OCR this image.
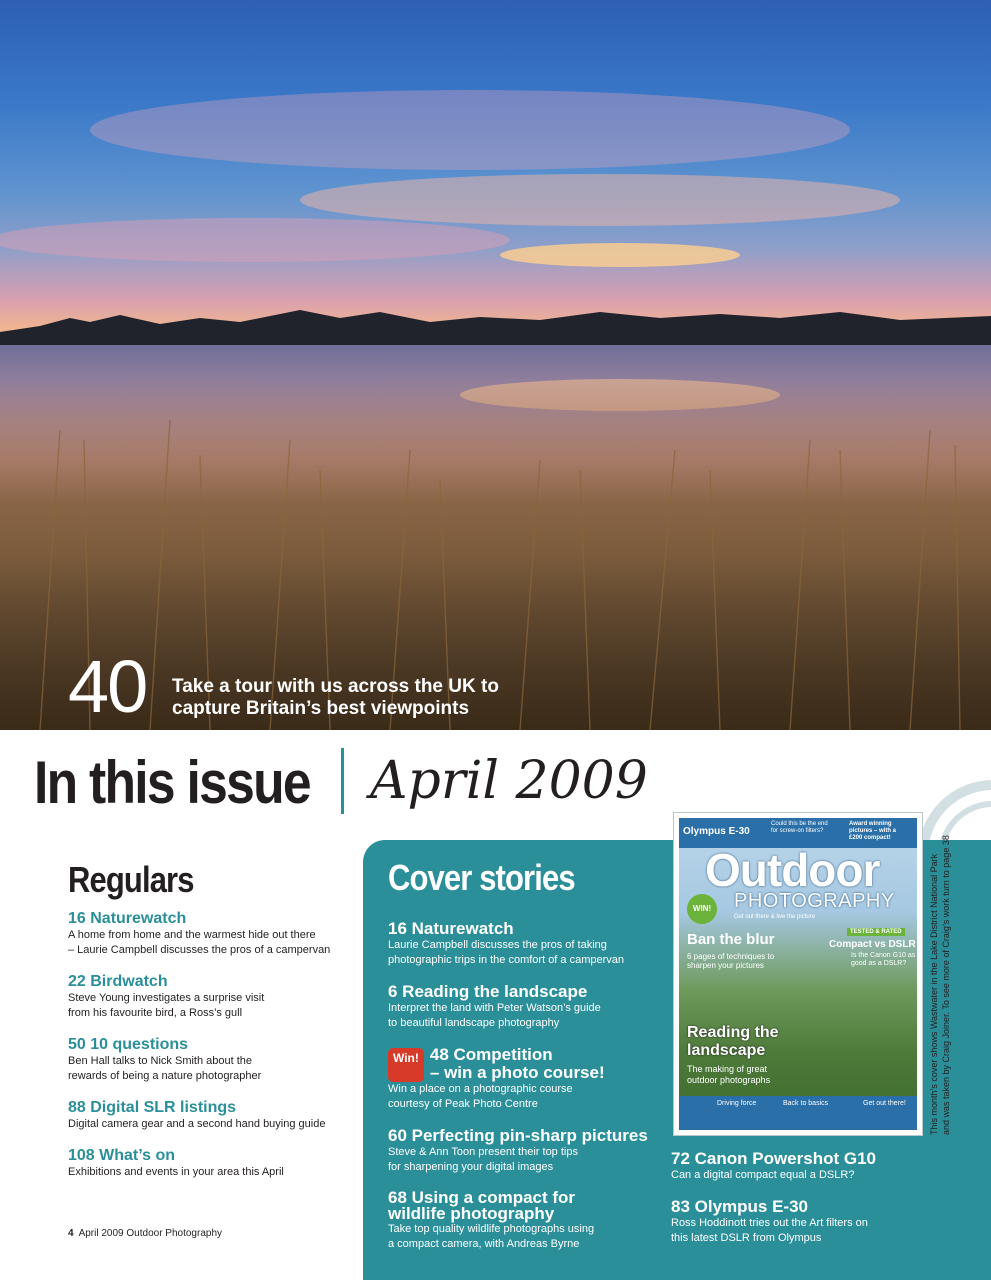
40 Take a tour with us across the UK to
capture Britain’s best viewpoints
In this issue April 2009
Regulars
16 Naturewatch
A home from home and the warmest hide out there
– Laurie Campbell discusses the pros of a campervan
22 Birdwatch
Steve Young investigates a surprise visit
from his favourite bird, a Ross’s gull
50 10 questions
Ben Hall talks to Nick Smith about the
rewards of being a nature photographer
88 Digital SLR listings
Digital camera gear and a second hand buying guide
108 What’s on
Exhibitions and events in your area this April
4 April 2009 Outdoor Photography
Cover stories
16 Naturewatch
Laurie Campbell discusses the pros of taking
photographic trips in the comfort of a campervan
6 Reading the landscape
Interpret the land with Peter Watson’s guide
to beautiful landscape photography
Win! 48 Competition
– win a photo course!
Win a place on a photographic course
courtesy of Peak Photo Centre
60 Perfecting pin-sharp pictures
Steve & Ann Toon present their top tips
for sharpening your digital images
68 Using a compact for
wildlife photography
Take top quality wildlife photographs using
a compact camera, with Andreas Byrne
Olympus E-30
Could this be the end
for screw-on filters?
Award winning
pictures – with a
£200 compact!
Outdoor
PHOTOGRAPHY
Get out there & live the picture
WIN!
Ban the blur
6 pages of techniques to
sharpen your pictures
TESTED & RATED
Compact vs DSLR
Is the Canon G10 as
good as a DSLR?
Reading the
landscape
The making of great
outdoor photographs
Driving force	Back to basics	Get out there!
This month’s cover shows Wastwater in the Lake District National Park
and was taken by Craig Joiner. To see more of Craig’s work turn to page 38
72 Canon Powershot G10
Can a digital compact equal a DSLR?
83 Olympus E-30
Ross Hoddinott tries out the Art filters on
this latest DSLR from Olympus
